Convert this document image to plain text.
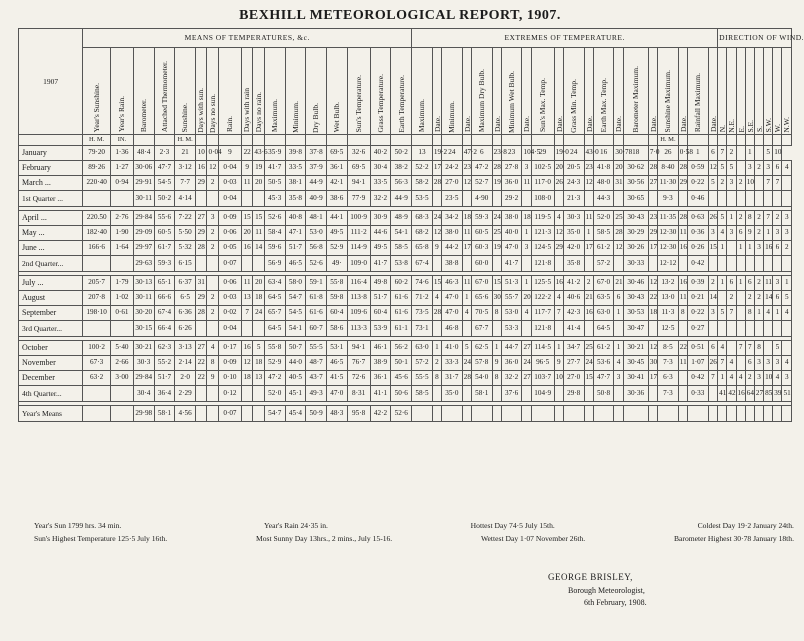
BEXHILL METEOROLOGICAL REPORT, 1907.
1907	MEANS OF TEMPERATURES, &c.																	EXTREMES OF TEMPERATURE.																				DIRECTION OF WIND.							
	Year's Sunshine.	Year's Rain.	Barometer.	Attached Thermometer.	Sunshine.	Days with sun.	Days no sun.	Rain.	Days with rain	Days no rain.	Maximum.	Minimum.	Dry Bulb.	Wet Bulb.	Sun's Temperature.	Grass Temperature.	Earth Temperature.	Maximum.	Date.	Minimum.	Date.	Maximum Dry Bulb.	Date.	Minimum Wet Bulb.	Date.	Sun's Max. Temp.	Date.	Grass Min. Temp.	Date.	Earth Max. Temp.	Date.	Barometer Maximum.	Date.	Sunshine Maximum.	Date.	Rainfall Maximum.	Date.	N.	N.E.	E.	S.E.	S.	S.W.	W.	N.W.
	H. M.	IN.			H. M.																													H. M.											
January	79·20	1·36	48·4	2·3	21	10	0·04	9	22	43·6	35·9	39·8	37·8	69·5	32·6	40·2	50·2	13	19·2	24	47·2	6	23·8	23	104·5	29	19·0	24	43·0	16	30·78	18	7·0	26	0·58	1	6	7	2		1		5	10	
February	89·26	1·27	30·06	47·7	3·12	16	12	0·04	9	19	41·7	33·5	37·9	36·1	69·5	30·4	38·2	52·2	17	24·2	23	47·2	28	27·8	3	102·5	20	20·5	23	41·8	20	30·62	28	8·40	28	0·59	12	5	5		3	2	3	6	4
March ...	220·40	0·94	29·91	54·5	7·7	29	2	0·03	11	20	50·5	38·1	44·9	42·1	94·1	33·5	56·3	58·2	28	27·0	12	52·7	19	36·0	11	117·0	26	24·3	12	48·0	31	30·56	27	11·30	29	0·22	5	2	3	2	10		7	7	
1st Quarter ...			30·11	50·2	4·14			0·04			45·3	35·8	40·9	38·6	77·9	32·2	44·9	53·5		23·5		4·90		29·2		108·0		21·3		44·3		30·65		9·3		0·46									

April ...	220.50	2·76	29·84	55·6	7·22	27	3	0·09	15	15	52·6	40·8	48·1	44·1	100·9	30·9	48·9	68·3	24	34·2	18	59·3	24	38·0	18	119·5	4	30·3	11	52·0	25	30·43	23	11·35	28	0·63	26	5	1	2	8	2	7	2	3
May ...	182·40	1·90	29·09	60·5	5·50	29	2	0·06	20	11	58·4	47·1	53·0	49·5	111·2	44·6	54·1	68·2	12	38·0	11	60·5	25	40·0	1	121·3	12	35·0	1	58·5	28	30·29	29	12·30	11	0·36	3	4	3	6	9	2	1	3	3
June ...	166·6	1·64	29·97	61·7	5·32	28	2	0·05	16	14	59·6	51·7	56·8	52·9	114·9	49·5	58·5	65·8	9	44·2	17	60·3	19	47·0	3	124·5	29	42·0	17	61·2	12	30·26	17	12·30	16	0·26	15	1		1	1	3	16	6	2
2nd Quarter...			29·63	59·3	6·15			0·07			56·9	46·5	52·6	49·	109·0	41·7	53·8	67·4		38·8		60·0		41·7		121·8		35·8		57·2		30·33		12·12		0·42									

July ...	205·7	1·79	30·13	65·1	6·37	31		0·06	11	20	63·4	58·0	59·1	55·8	116·4	49·8	60·2	74·6	15	46·3	11	67·0	15	51·3	1	125·5	16	41·2	2	67·0	21	30·46	12	13·2	16	0·39	2	1	6	1	6	2	11	3	1
August	207·8	1·02	30·11	66·6	6·5	29	2	0·03	13	18	64·5	54·7	61·8	59·8	113·8	51·7	61·6	71·2	4	47·0	1	65·6	30	55·7	20	122·2	4	40·6	21	63·5	6	30·43	22	13·0	11	0·21	14		2		2	2	14	6	5
September	198·10	0·61	30·20	67·4	6·36	28	2	0·02	7	24	65·7	54·5	61·6	60·4	109·6	60·4	61·6	73·5	28	47·0	4	70·5	8	53·0	4	117·7	7	42·3	16	63·0	1	30·53	18	11·3	8	0·22	3	5	7		8	1	4	1	4
3rd Quarter...			30·15	66·4	6·26			0·04			64·5	54·1	60·7	58·6	113·3	53·9	61·1	73·1		46·8		67·7		53·3		121·8		41·4		64·5		30·47		12·5		0·27									

October	100·2	5·40	30·21	62·3	3·13	27	4	0·17	16	5	55·8	50·7	55·5	53·1	94·1	46·1	56·2	63·0	1	41·0	5	62·5	1	44·7	27	114·5	1	34·7	25	61·2	1	30·21	12	8·5	22	0·51	6	4		7	7	8		5	
November	67·3	2·66	30·3	55·2	2·14	22	8	0·09	12	18	52·9	44·0	48·7	46·5	76·7	38·9	50·1	57·2	2	33·3	24	57·8	9	36·0	24	96·5	9	27·7	24	53·6	4	30·45	30	7·3	11	1·07	26	7	4		6	3	3	3	4
December	63·2	3·00	29·84	51·7	2·0	22	9	0·10	18	13	47·2	40·5	43·7	41·5	72·6	36·1	45·6	55·5	8	31·7	28	54·0	8	32·2	27	103·7	10	27·0	15	47·7	3	30·41	17	6·3		0·42	7	1	4	4	2	3	10	4	3
4th Quarter...			30·4	36·4	2·29			0·12			52·0	45·1	49·3	47·0	8·31	41·1	50·6	58·5		35·0		58·1		37·6		104·9		29·8		50·8		30·36		7·3		0·33		41	42	16	64	27	85	39	51

Year's Means			29·98	58·1	4·56			0·07			54·7	45·4	50·9	48·3	95·8	42·2	52·6																												
Year's Sun 1799 hrs. 34 min.	Year's Rain 24·35 in.	Hottest Day 74·5 July 15th.	Coldest Day 19·2 January 24th.
Sun's Highest Temperature 125·5 July 16th.	Most Sunny Day 13hrs., 2 mins., July 15-16.	Wettest Day 1·07 November 26th.	Barometer Highest 30·78 January 18th.
GEORGE BRISLEY,
Borough Meteorologist,
6th February, 1908.
